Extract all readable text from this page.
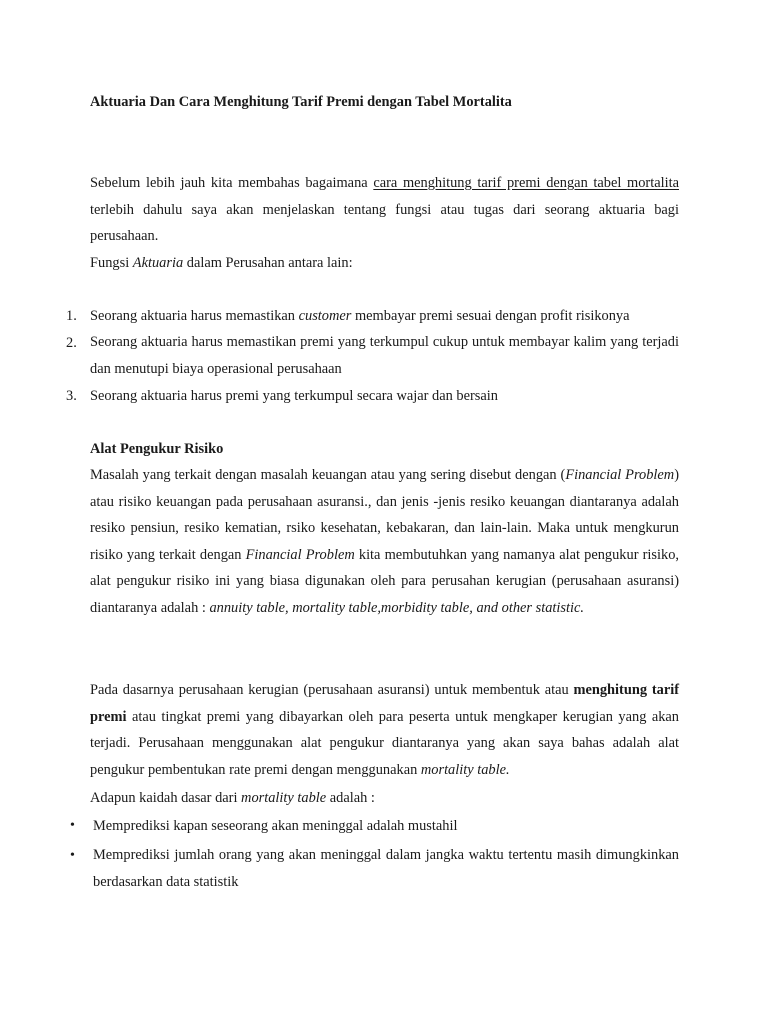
Aktuaria Dan Cara Menghitung Tarif Premi dengan Tabel Mortalita

Sebelum lebih jauh kita membahas bagaimana cara menghitung tarif premi dengan tabel mortalita terlebih dahulu saya akan menjelaskan tentang fungsi atau tugas dari seorang aktuaria bagi perusahaan.

Fungsi Aktuaria dalam Perusahan antara lain:
1. Seorang aktuaria harus memastikan customer membayar premi sesuai dengan profit risikonya
2. Seorang aktuaria harus memastikan premi yang terkumpul cukup untuk membayar kalim yang terjadi dan menutupi biaya operasional perusahaan

3. Seorang aktuaria harus premi yang terkumpul secara wajar dan bersain
Alat Pengukur Risiko

Masalah yang terkait dengan masalah keuangan atau yang sering disebut dengan (Financial Problem) atau risiko keuangan pada perusahaan asuransi., dan jenis -jenis resiko keuangan diantaranya adalah resiko pensiun, resiko kematian, rsiko kesehatan, kebakaran, dan lain-lain. Maka untuk mengkurun risiko yang terkait dengan Financial Problem kita membutuhkan yang namanya alat pengukur risiko, alat pengukur risiko ini yang biasa digunakan oleh para perusahan kerugian (perusahaan asuransi) diantaranya adalah : annuity table, mortality table,morbidity table, and other statistic.

Pada dasarnya perusahaan kerugian (perusahaan asuransi) untuk membentuk atau menghitung tarif premi atau tingkat premi yang dibayarkan oleh para peserta untuk mengkaper kerugian yang akan terjadi. Perusahaan menggunakan alat pengukur diantaranya yang akan saya bahas adalah alat pengukur pembentukan rate premi dengan menggunakan mortality table.

Adapun kaidah dasar dari mortality table adalah :
• Memprediksi kapan seseorang akan meninggal adalah mustahil
• Memprediksi jumlah orang yang akan meninggal dalam jangka waktu tertentu masih dimungkinkan berdasarkan data statistik
